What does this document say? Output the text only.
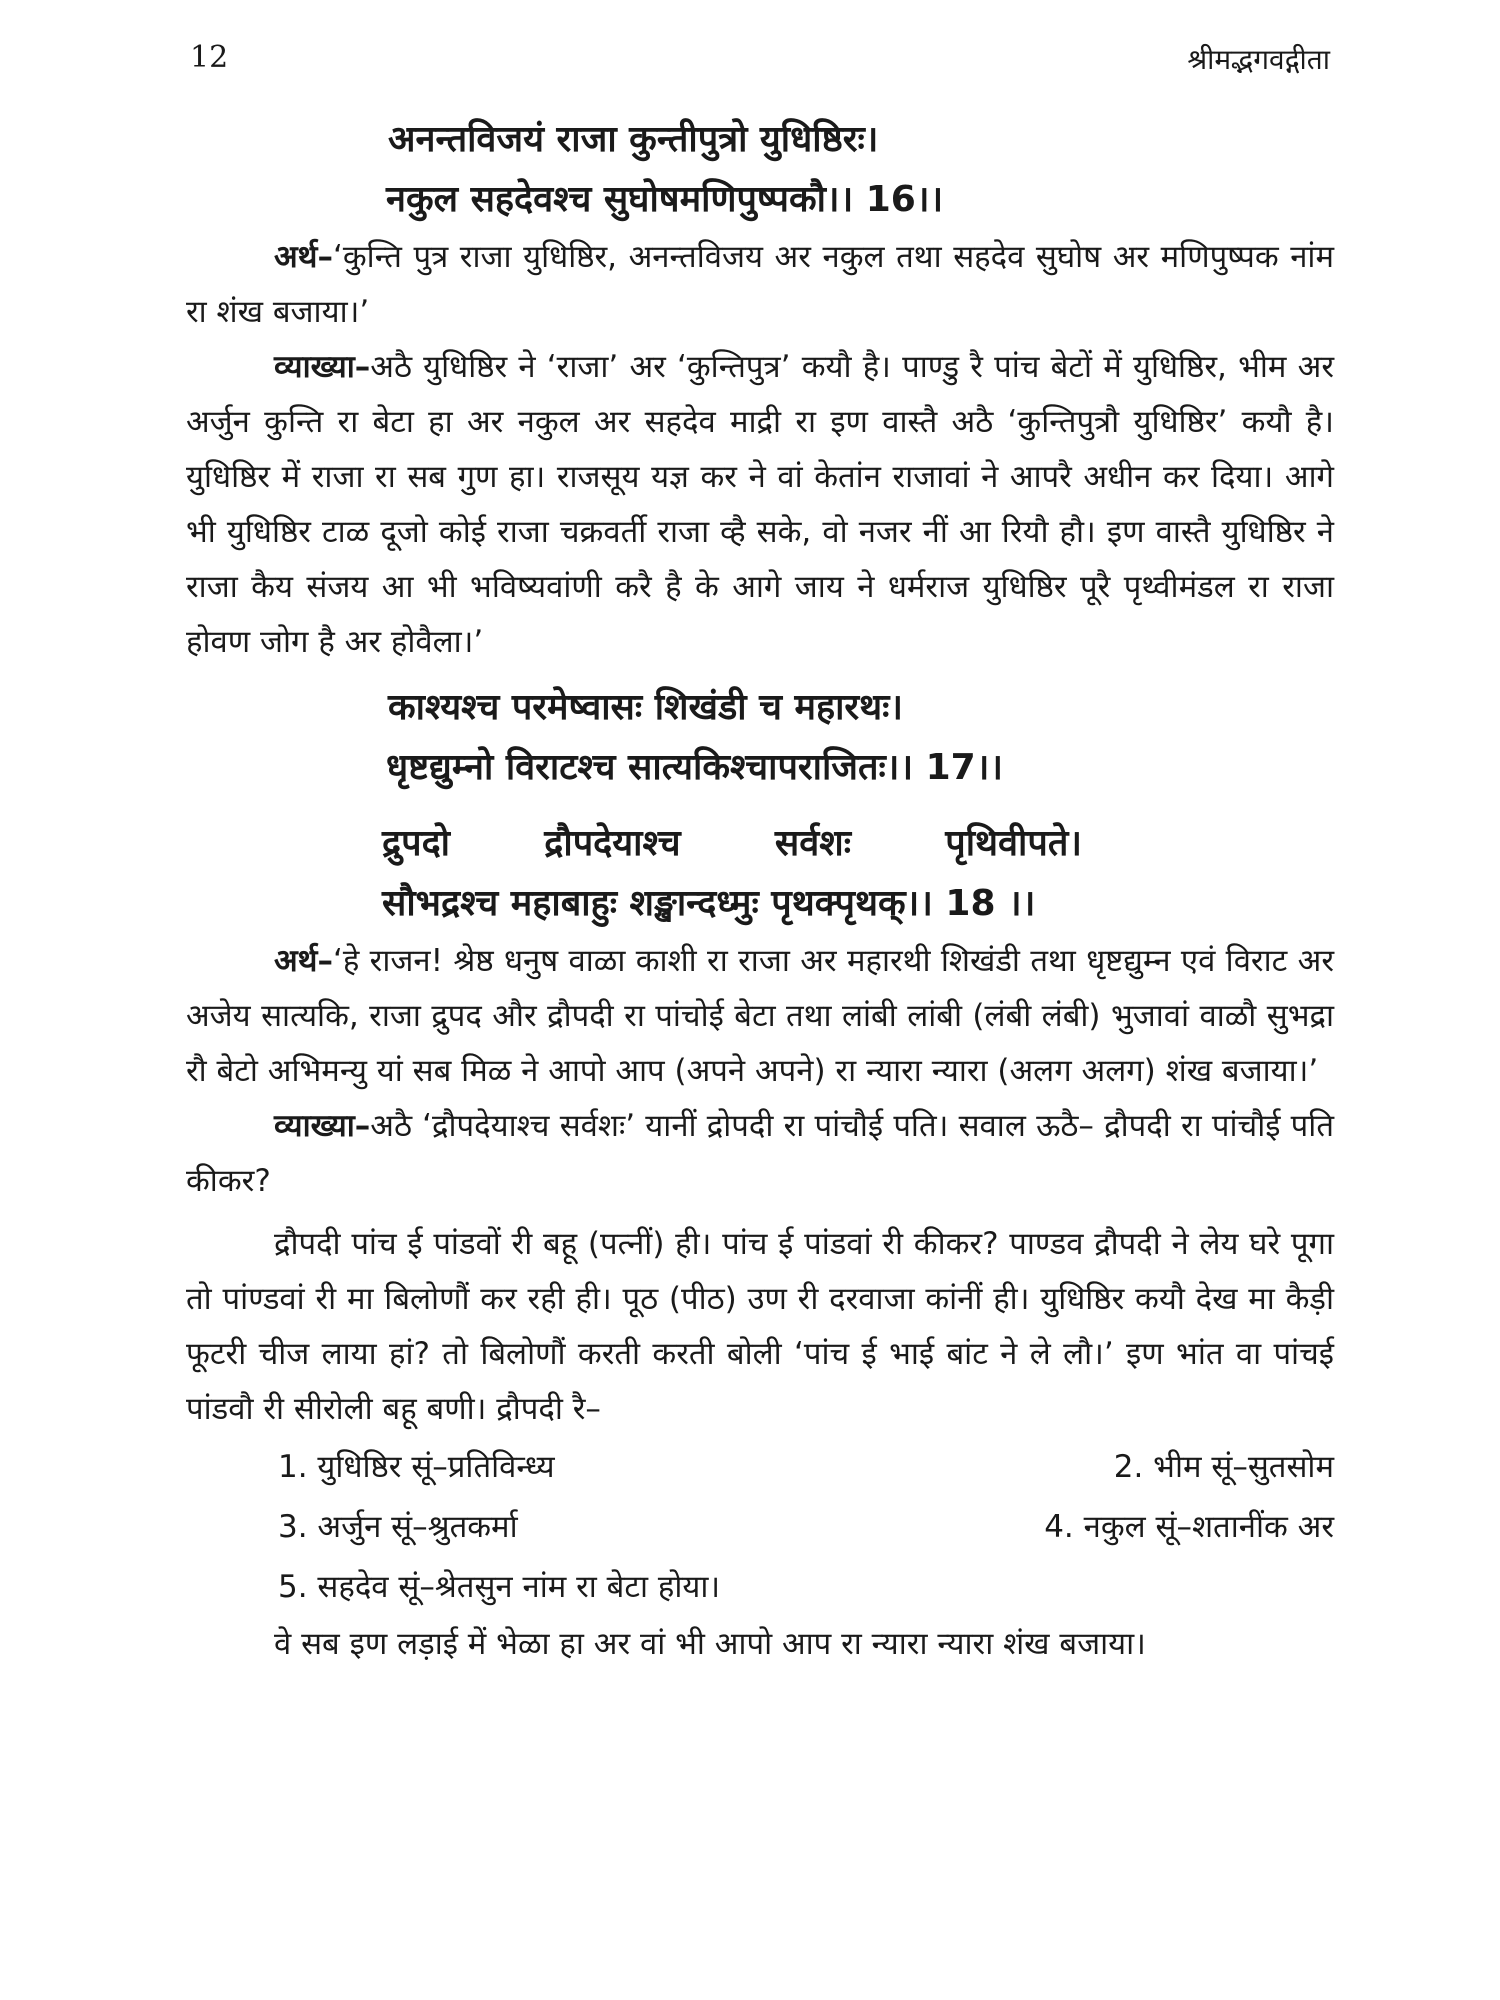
12	श्रीमद्भगवद्गीता
अनन्तविजयं राजा कुन्तीपुत्रो युधिष्ठिरः।
नकुल सहदेवश्च सुघोषमणिपुष्पकौ।। 16।।

अर्थ–‘कुन्ति पुत्र राजा युधिष्ठिर, अनन्तविजय अर नकुल तथा सहदेव सुघोष अर मणिपुष्पक नांम रा शंख बजाया।’

व्याख्या–अठै युधिष्ठिर ने ‘राजा’ अर ‘कुन्तिपुत्र’ कयौ है। पाण्डु रै पांच बेटों में युधिष्ठिर, भीम अर अर्जुन कुन्ति रा बेटा हा अर नकुल अर सहदेव माद्री रा इण वास्तै अठै ‘कुन्तिपुत्रौ युधिष्ठिर’ कयौ है। युधिष्ठिर में राजा रा सब गुण हा। राजसूय यज्ञ कर ने वां केतांन राजावां ने आपरै अधीन कर दिया। आगे भी युधिष्ठिर टाळ दूजो कोई राजा चक्रवर्ती राजा व्है सके, वो नजर नीं आ रियौ हौ। इण वास्तै युधिष्ठिर ने राजा कैय संजय आ भी भविष्यवांणी करै है के आगे जाय ने धर्मराज युधिष्ठिर पूरै पृथ्वीमंडल रा राजा होवण जोग है अर होवैला।’

काश्यश्च परमेष्वासः शिखंडी च महारथः।
धृष्टद्युम्नो विराटश्च सात्यकिश्चापराजितः।। 17।।
द्रुपदो	द्रौपदेयाश्च	सर्वशः	पृथिवीपते।
सौभद्रश्च महाबाहुः शङ्खान्दध्मुः पृथक्पृथक्।। 18 ।।

अर्थ–‘हे राजन! श्रेष्ठ धनुष वाळा काशी रा राजा अर महारथी शिखंडी तथा धृष्टद्युम्न एवं विराट अर अजेय सात्यकि, राजा द्रुपद और द्रौपदी रा पांचोई बेटा तथा लांबी लांबी (लंबी लंबी) भुजावां वाळौ सुभद्रा रौ बेटो अभिमन्यु यां सब मिळ ने आपो आप (अपने अपने) रा न्यारा न्यारा (अलग अलग) शंख बजाया।’

व्याख्या–अठै ‘द्रौपदेयाश्च सर्वशः’ यानीं द्रोपदी रा पांचौई पति। सवाल ऊठै– द्रौपदी रा पांचौई पति कीकर?

द्रौपदी पांच ई पांडवों री बहू (पत्नीं) ही। पांच ई पांडवां री कीकर? पाण्डव द्रौपदी ने लेय घरे पूगा तो पांण्डवां री मा बिलोणौं कर रही ही। पूठ (पीठ) उण री दरवाजा कांनीं ही। युधिष्ठिर कयौ देख मा कैड़ी फूटरी चीज लाया हां? तो बिलोणौं करती करती बोली ‘पांच ई भाई बांट ने ले लौ।’ इण भांत वा पांचई पांडवौ री सीरोली बहू बणी। द्रौपदी रै–

1. युधिष्ठिर सूं–प्रतिविन्ध्य	2. भीम सूं–सुतसोम
3. अर्जुन सूं–श्रुतकर्मा	4. नकुल सूं–शतानींक अर
5. सहदेव सूं–श्रेतसुन नांम रा बेटा होया।

वे सब इण लड़ाई में भेळा हा अर वां भी आपो आप रा न्यारा न्यारा शंख बजाया।
